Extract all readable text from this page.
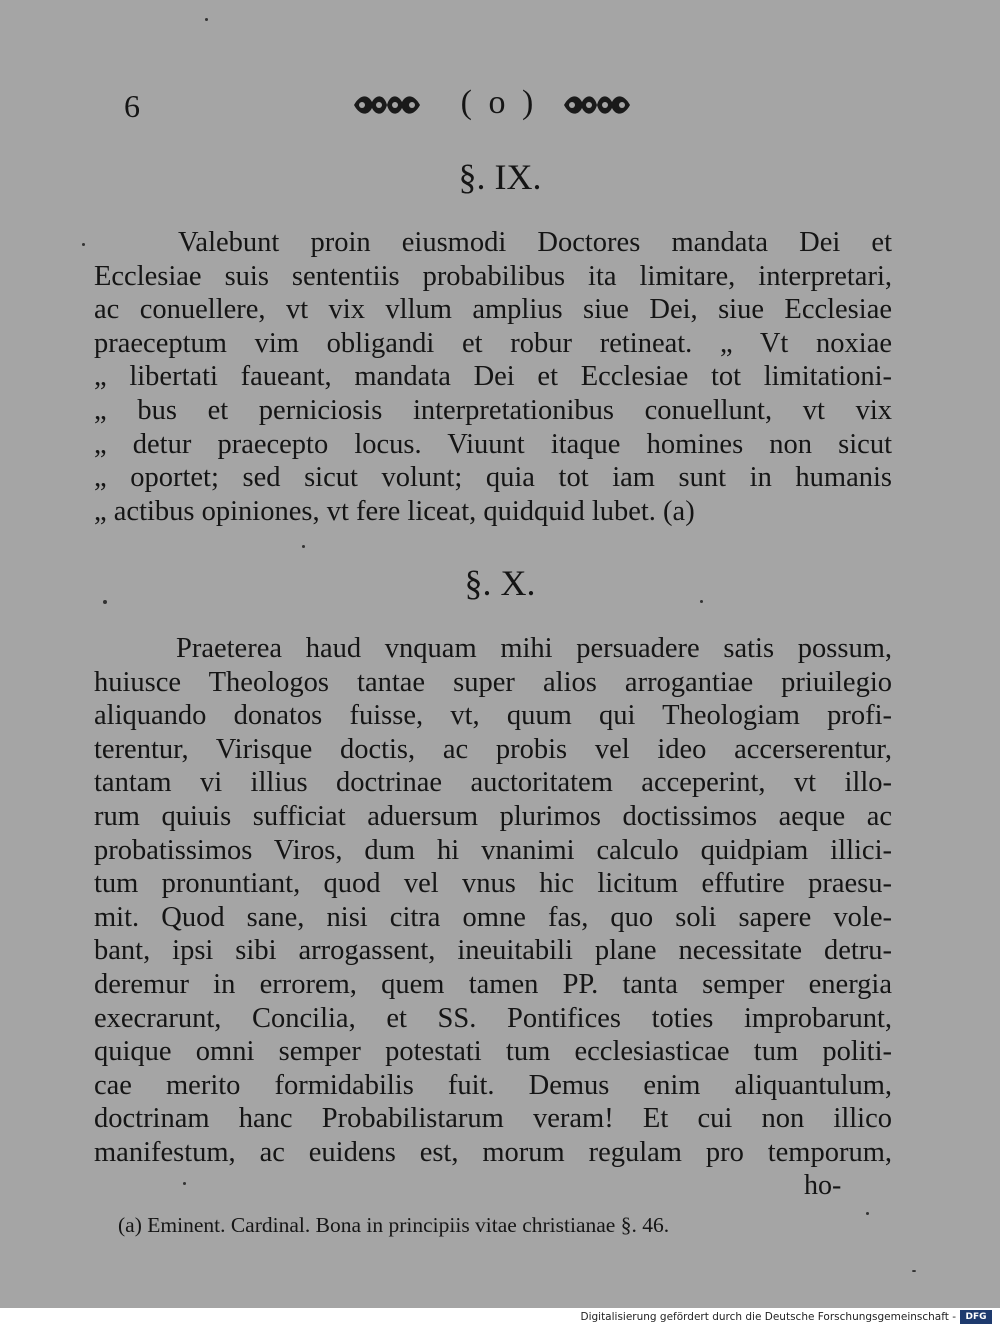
6	( o )
§. IX.
Valebunt proin eiusmodi Doctores mandata Dei et
Ecclesiae suis sententiis probabilibus ita limitare, interpretari,
ac conuellere, vt vix vllum amplius siue Dei, siue Ecclesiae
praeceptum vim obligandi et robur retineat. „ Vt noxiae
„ libertati faueant, mandata Dei et Ecclesiae tot limitationi-
„ bus et perniciosis interpretationibus conuellunt, vt vix
„ detur praecepto locus. Viuunt itaque homines non sicut
„ oportet; sed sicut volunt; quia tot iam sunt in humanis
„ actibus opiniones, vt fere liceat, quidquid lubet. (a)
§. X.
Praeterea haud vnquam mihi persuadere satis possum,
huiusce Theologos tantae super alios arrogantiae priuilegio
aliquando donatos fuisse, vt, quum qui Theologiam profi-
terentur, Virisque doctis, ac probis vel ideo accerserentur,
tantam vi illius doctrinae auctoritatem acceperint, vt illo-
rum quiuis sufficiat aduersum plurimos doctissimos aeque ac
probatissimos Viros, dum hi vnanimi calculo quidpiam illici-
tum pronuntiant, quod vel vnus hic licitum effutire praesu-
mit. Quod sane, nisi citra omne fas, quo soli sapere vole-
bant, ipsi sibi arrogassent, ineuitabili plane necessitate detru-
deremur in errorem, quem tamen PP. tanta semper energia
execrarunt, Concilia, et SS. Pontifices toties improbarunt,
quique omni semper potestati tum ecclesiasticae tum politi-
cae merito formidabilis fuit. Demus enim aliquantulum,
doctrinam hanc Probabilistarum veram! Et cui non illico
manifestum, ac euidens est, morum regulam pro temporum,
ho-
(a) Eminent. Cardinal. Bona in principiis vitae christianae §. 46.
Digitalisierung gefördert durch die Deutsche Forschungsgemeinschaft -	DFG
